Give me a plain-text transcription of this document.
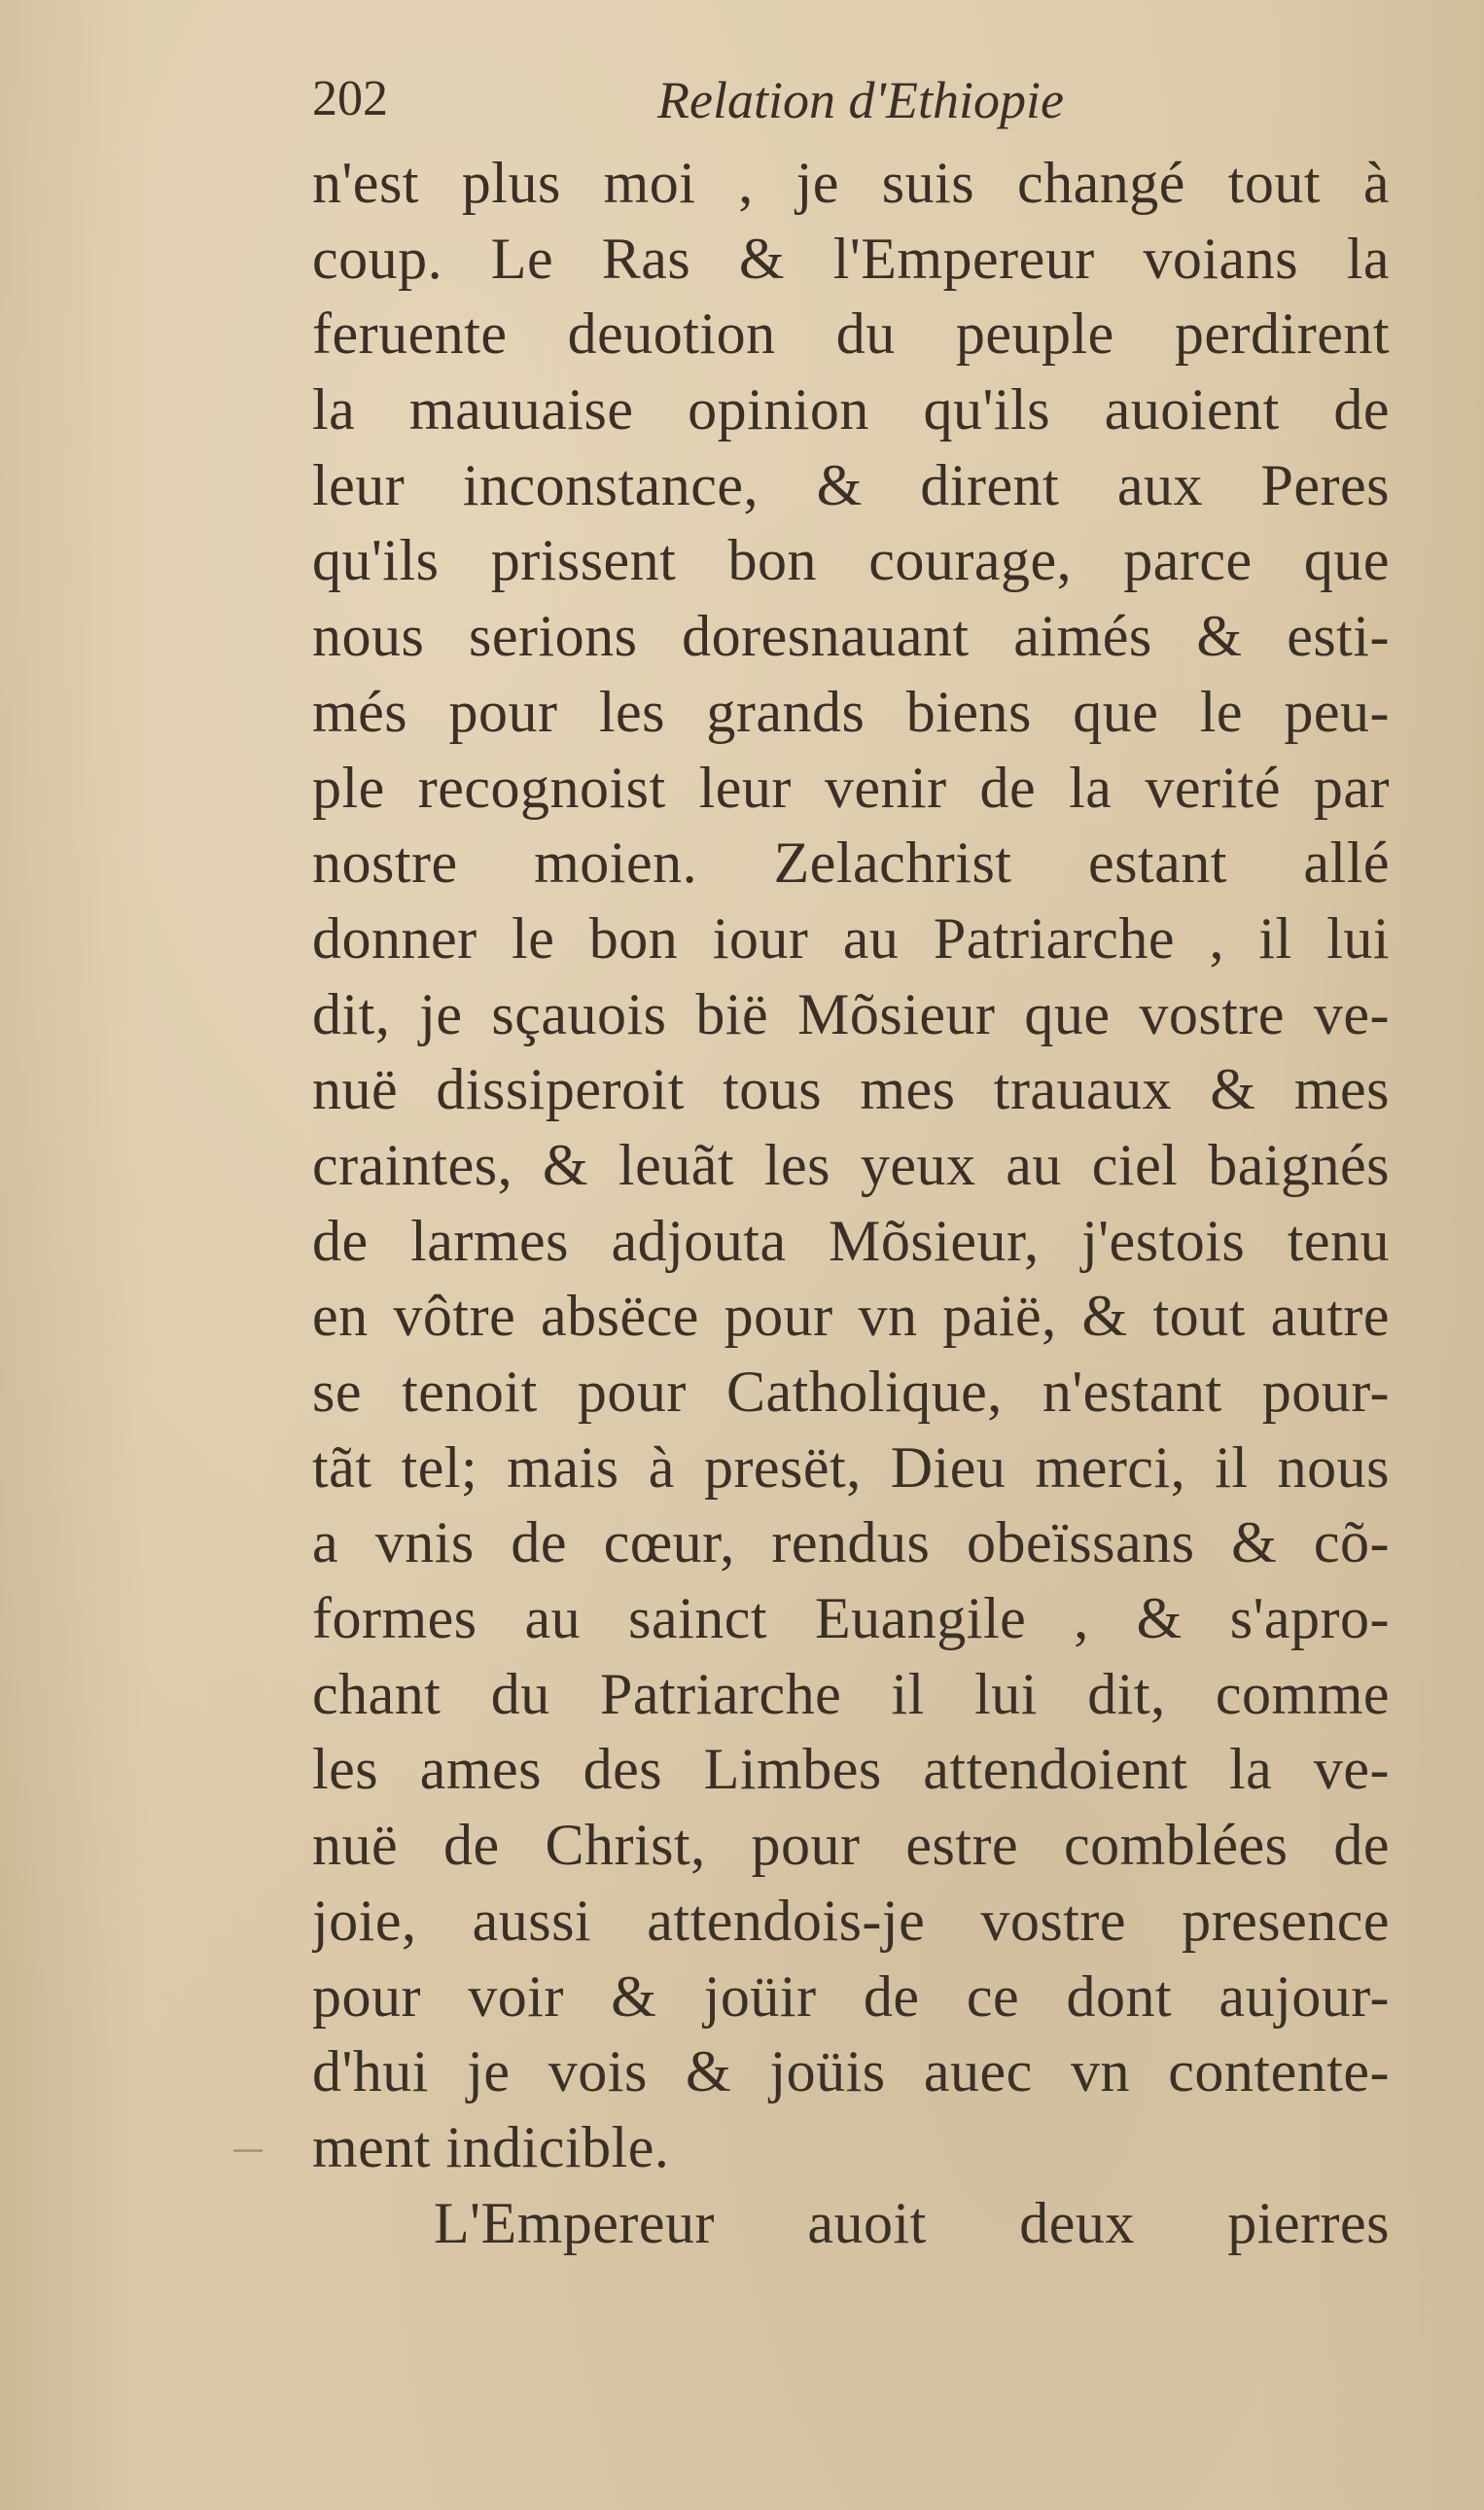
202	Relation d'Ethiopie
n'est plus moi , je suis changé tout à
coup. Le Ras & l'Empereur voians la
feruente deuotion du peuple perdirent
la mauuaise opinion qu'ils auoient de
leur inconstance, & dirent aux Peres
qu'ils prissent bon courage, parce que
nous serions doresnauant aimés & esti-
més pour les grands biens que le peu-
ple recognoist leur venir de la verité par
nostre moien. Zelachrist estant allé
donner le bon iour au Patriarche , il lui
dit, je sçauois bië Mõsieur que vostre ve-
nuë dissiperoit tous mes trauaux & mes
craintes, & leuãt les yeux au ciel baignés
de larmes adjouta Mõsieur, j'estois tenu
en vôtre absëce pour vn paië, & tout autre
se tenoit pour Catholique, n'estant pour-
tãt tel; mais à presët, Dieu merci, il nous
a vnis de cœur, rendus obeïssans & cõ-
formes au sainct Euangile , & s'apro-
chant du Patriarche il lui dit, comme
les ames des Limbes attendoient la ve-
nuë de Christ, pour estre comblées de
joie, aussi attendois-je vostre presence
pour voir & joüir de ce dont aujour-
d'hui je vois & joüis auec vn contente-
ment indicible.
L'Empereur auoit deux pierres
